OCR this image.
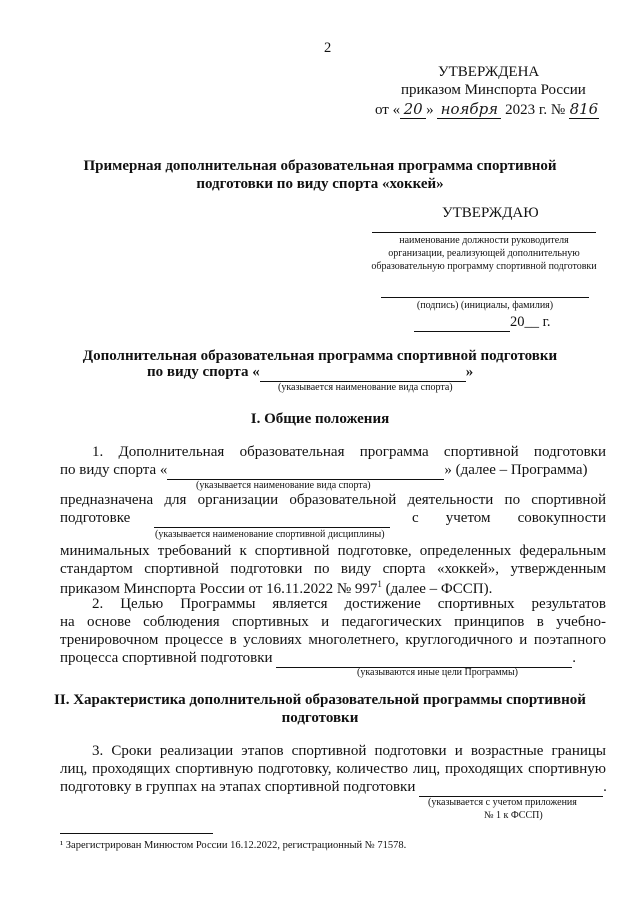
2
УТВЕРЖДЕНА
приказом Минспорта России
от « 20 » ноября 2023 г. № 816
Примерная дополнительная образовательная программа спортивной
подготовки по виду спорта «хоккей»
УТВЕРЖДАЮ
наименование должности руководителя
организации, реализующей дополнительную
образовательную программу спортивной подготовки
(подпись) (инициалы, фамилия)
20__ г.
Дополнительная образовательная программа спортивной подготовки
по виду спорта «	»
(указывается наименование вида спорта)
I. Общие положения
1. Дополнительная образовательная программа спортивной подготовки
по виду спорта «	» (далее – Программа)
(указывается наименование вида спорта)
предназначена для организации образовательной деятельности по спортивной
подготовке	с учетом совокупности
(указывается наименование спортивной дисциплины)
минимальных требований к спортивной подготовке, определенных федеральным
стандартом спортивной подготовки по виду спорта «хоккей», утвержденным
приказом Минспорта России от 16.11.2022 № $997^1$ (далее – ФССП).
2. Целью Программы является достижение спортивных результатов
на основе соблюдения спортивных и педагогических принципов в учебно-
тренировочном процессе в условиях многолетнего, круглогодичного и поэтапного
процесса спортивной подготовки	.
(указываются иные цели Программы)
II. Характеристика дополнительной образовательной программы спортивной
подготовки
3. Сроки реализации этапов спортивной подготовки и возрастные границы
лиц, проходящих спортивную подготовку, количество лиц, проходящих спортивную
подготовку в группах на этапах спортивной подготовки	.
(указывается с учетом приложения
№ 1 к ФССП)
¹ Зарегистрирован Минюстом России 16.12.2022, регистрационный № 71578.
